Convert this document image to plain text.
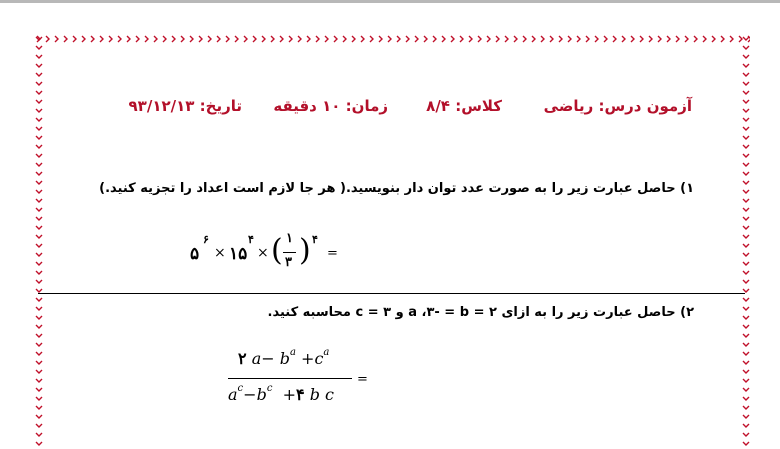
آزمون درس: ریاضی
کلاس: ۸/۴
زمان: ۱۰ دقیقه
تاریخ: ۹۳/۱۲/۱۳
۱) حاصل عبارت زیر را به صورت عدد توان دار بنویسید.( هر جا لازم است اعداد را تجزیه کنید.)
۵
۶
× ۱۵
۴
× ( ۱
۳ ) ۴
=
۲) حاصل عبارت زیر را به ازای ۲ = a ،۳- = b و ۳ = c محاسبه کنید.
۲ $a- b^a +c^a$
$a^c-b^c$ +۴ b c
=
